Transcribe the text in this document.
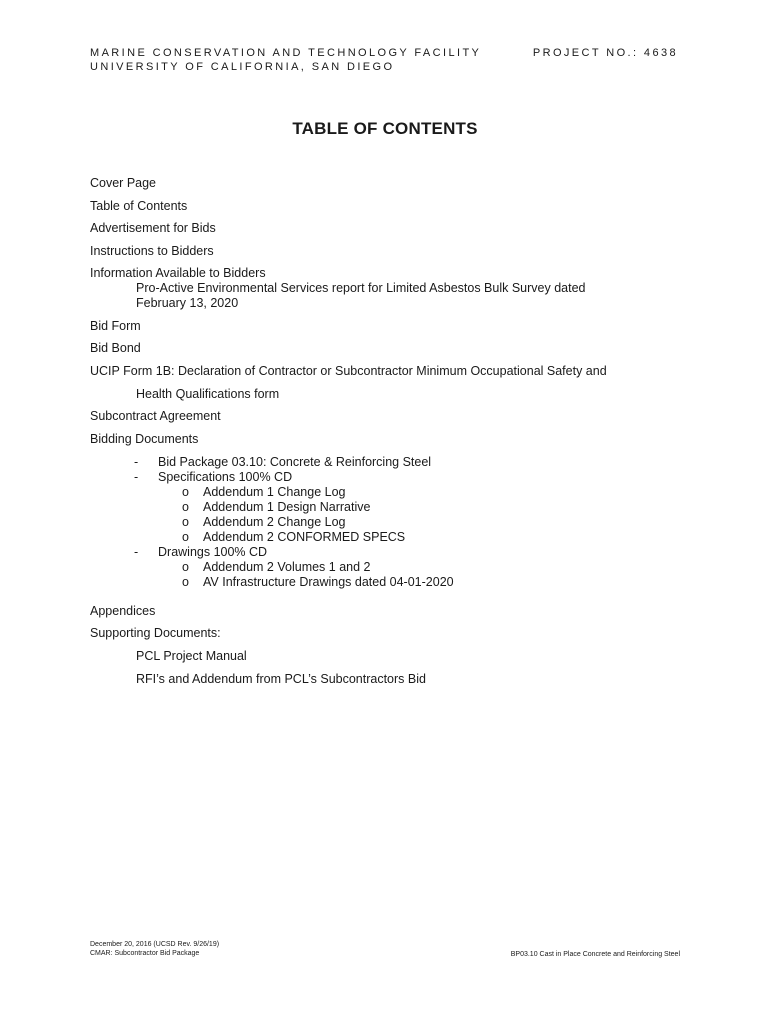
MARINE CONSERVATION AND TECHNOLOGY FACILITY
UNIVERSITY OF CALIFORNIA, SAN DIEGO
PROJECT NO.: 4638
TABLE OF CONTENTS
Cover Page
Table of Contents
Advertisement for Bids
Instructions to Bidders
Information Available to Bidders
Pro-Active Environmental Services report for Limited Asbestos Bulk Survey dated
February 13, 2020
Bid Form
Bid Bond
UCIP Form 1B: Declaration of Contractor or Subcontractor Minimum Occupational Safety and
Health Qualifications form
Subcontract Agreement
Bidding Documents
- Bid Package 03.10: Concrete & Reinforcing Steel
- Specifications 100% CD
o Addendum 1 Change Log
o Addendum 1 Design Narrative
o Addendum 2 Change Log
o Addendum 2 CONFORMED SPECS
- Drawings 100% CD
o Addendum 2 Volumes 1 and 2
o AV Infrastructure Drawings dated 04-01-2020
Appendices
Supporting Documents:
PCL Project Manual
RFI’s and Addendum from PCL’s Subcontractors Bid
December 20, 2016 (UCSD Rev. 9/26/19)
CMAR: Subcontractor Bid Package	BP03.10 Cast in Place Concrete and Reinforcing Steel
